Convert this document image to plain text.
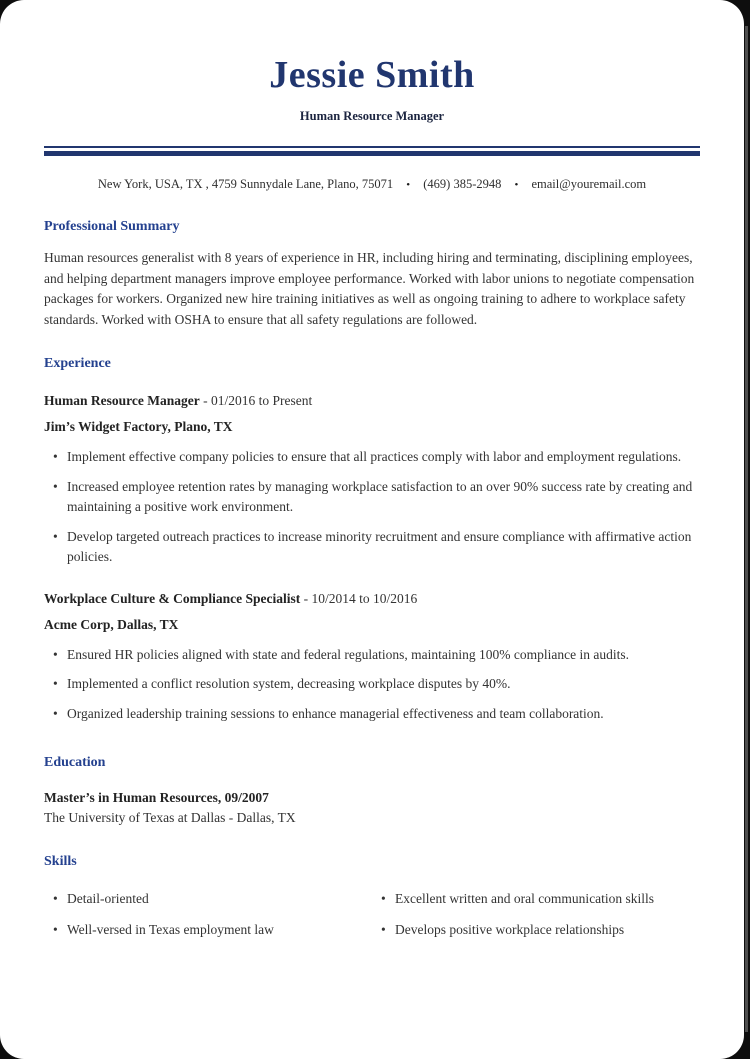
Jessie Smith
Human Resource Manager
New York, USA, TX , 4759 Sunnydale Lane, Plano, 75071 • (469) 385-2948 • email@youremail.com
Professional Summary

Human resources generalist with 8 years of experience in HR, including hiring and terminating, disciplining employees, and helping department managers improve employee performance. Worked with labor unions to negotiate compensation packages for workers. Organized new hire training initiatives as well as ongoing training to adhere to workplace safety standards. Worked with OSHA to ensure that all safety regulations are followed.

Experience
Human Resource Manager - 01/2016 to Present
Jim’s Widget Factory, Plano, TX
• Implement effective company policies to ensure that all practices comply with labor and employment regulations.
• Increased employee retention rates by managing workplace satisfaction to an over 90% success rate by creating and maintaining a positive work environment.
• Develop targeted outreach practices to increase minority recruitment and ensure compliance with affirmative action policies.
Workplace Culture & Compliance Specialist - 10/2014 to 10/2016
Acme Corp, Dallas, TX
• Ensured HR policies aligned with state and federal regulations, maintaining 100% compliance in audits.
• Implemented a conflict resolution system, decreasing workplace disputes by 40%.
• Organized leadership training sessions to enhance managerial effectiveness and team collaboration.
Education
Master’s in Human Resources, 09/2007
The University of Texas at Dallas - Dallas, TX
Skills
• Detail-oriented
• Well-versed in Texas employment law
• Excellent written and oral communication skills
• Develops positive workplace relationships
